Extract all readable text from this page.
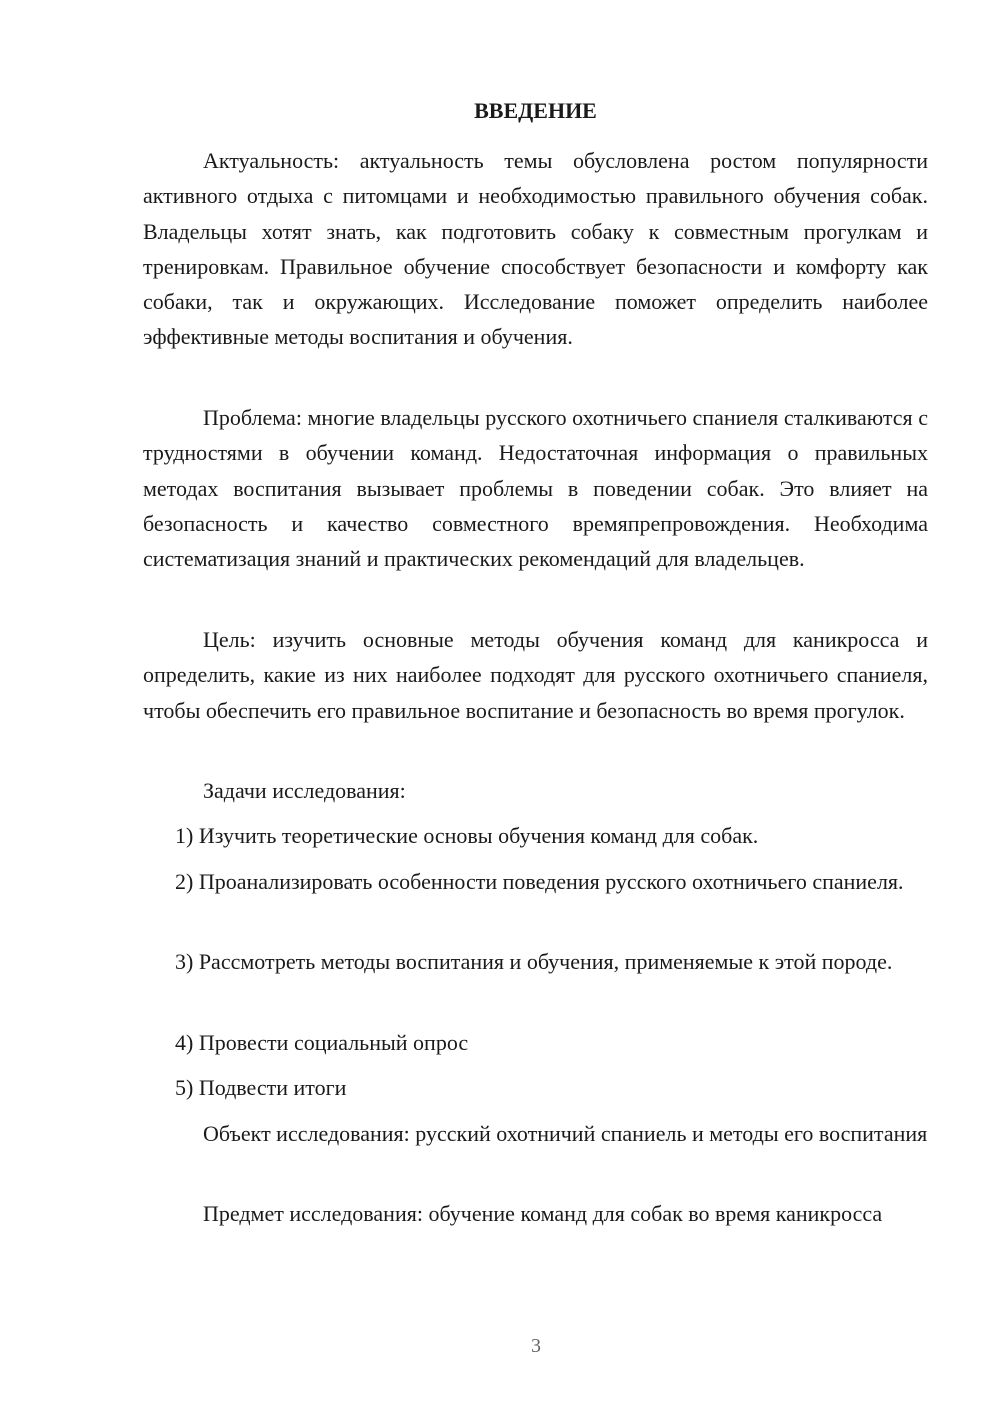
ВВЕДЕНИЕ

Актуальность: актуальность темы обусловлена ростом популярности активного отдыха с питомцами и необходимостью правильного обучения собак. Владельцы хотят знать, как подготовить собаку к совместным прогулкам и тренировкам. Правильное обучение способствует безопасности и комфорту как собаки, так и окружающих. Исследование поможет определить наиболее эффективные методы воспитания и обучения.

Проблема: многие владельцы русского охотничьего спаниеля сталкиваются с трудностями в обучении команд. Недостаточная информация о правильных методах воспитания вызывает проблемы в поведении собак. Это влияет на безопасность и качество совместного времяпрепровождения. Необходима систематизация знаний и практических рекомендаций для владельцев.

Цель: изучить основные методы обучения команд для каникросса и определить, какие из них наиболее подходят для русского охотничьего спаниеля, чтобы обеспечить его правильное воспитание и безопасность во время прогулок.

Задачи исследования:

1) Изучить теоретические основы обучения команд для собак.

2) Проанализировать особенности поведения русского охотничьего спаниеля.

3) Рассмотреть методы воспитания и обучения, применяемые к этой породе.

4) Провести социальный опрос

5) Подвести итоги

Объект исследования: русский охотничий спаниель и методы его воспитания

Предмет исследования: обучение команд для собак во время каникросса

3
